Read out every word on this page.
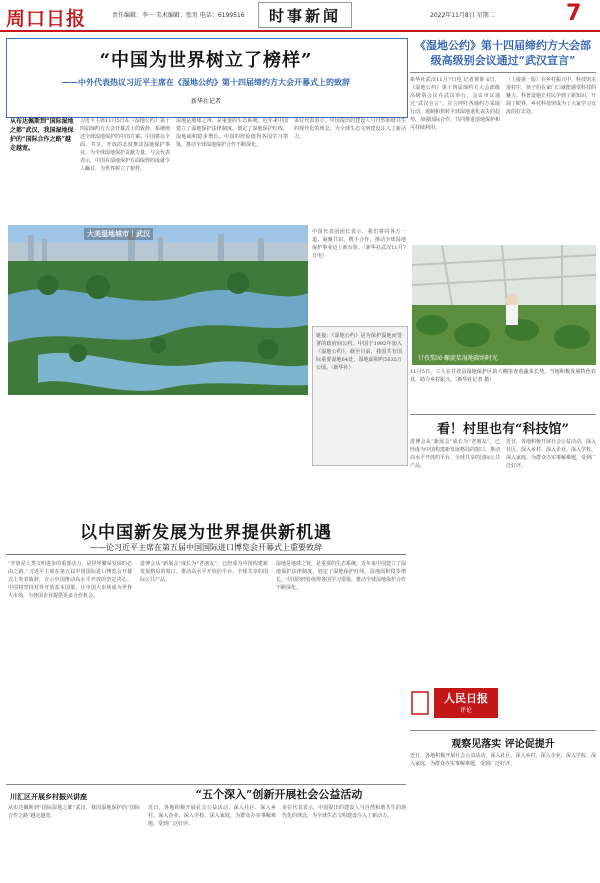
周口日报	责任编辑：李一 美术编辑：张男 电话：6199516	时事新闻	2022年11月8日 星期二	7
“中国为世界树立了榜样”
——中外代表热议习近平主席在《湿地公约》第十四届缔约方大会开幕式上的致辞
新华社记者
从布达佩斯到“国际湿地之都”武汉，我国湿地保护的“国际合作之路”越走越宽。
习近平主席11月5日在《湿地公约》第十四届缔约方大会开幕式上的致辞，系统阐述全球湿地保护的中国方案。中国将以全面、共享、开放的态度推动湿地保护事业，为全球湿地保护贡献力量。与会代表表示，中国在湿地保护方面取得的成就令人瞩目，为世界树立了榜样。
湿地是地球之肾，是重要的生态系统。近年来中国建立了湿地保护法律制度，划定了湿地保护红线，湿地面积稳步增长。中国的经验值得各国学习借鉴，推动全球湿地保护合作不断深化。
多位代表表示，中国提出的建设人与自然和谐共生的现代化的理念，为全球生态文明建设注入了新动力。
大美湿地城市｜武汉	中国代表团团长表示，我们将同各方一道，凝聚共识、携手合作，推动全球湿地保护事业迈上新台阶。（新华社武汉11月7日电）
链接：《湿地公约》是为保护湿地而签署的政府间公约。中国于1992年加入《湿地公约》，截至目前，我国共有国际重要湿地64处，湿地面积约5635万公顷。（新华社）
《湿地公约》第十四届缔约方大会部级高级别会议通过“武汉宣言”
新华社武汉11月7日电 记者黄筱 6日，《湿地公约》第十四届缔约方大会部级高级别会议在武汉举行，会议审议通过“武汉宣言”。宣言呼吁各缔约方采取行动，遏制和扭转全球湿地退化丧失的趋势，加强国际合作，共同推进湿地保护和可持续利用。
（上接第一版）在乡村振兴中，科技馆走进村庄，孩子们在家门口就能感受科技的魅力。科普设施让村民学到了新知识，开阔了眼界，乡村科技馆成为了大家学习交流的好去处。
甘孜梨园·螺旋桨湿地碳纳时光
11月5日，工人在甘孜县湿地保护区的大棚里查看蔬菜长势。当地积极发展特色农业，助力乡村振兴。（新华社记者 摄）
看！村里也有“科技馆”
进博会从“新展会”成长为“老朋友”，已经成为中国构建新发展格局的窗口、推动高水平开放的平台、全球共享的国际公共产品。
近日，各地积极开展社会公益活动，深入社区、深入乡村、深入企业、深入学校、深入家庭，为群众办实事解难题，受到广泛好评。
以中国新发展为世界提供新机遇
——论习近平主席在第五届中国国际进口博览会开幕式上重要致辞
“开放是人类文明进步的重要动力，是世界繁荣发展的必由之路。”习近平主席在第五届中国国际进口博览会开幕式上发表致辞，宣示中国推动高水平开放的坚定决心。中国将坚持对外开放基本国策，让中国大市场成为世界大市场，为各国企业提供更多合作机会。
进博会从“新展会”成长为“老朋友”，已经成为中国构建新发展格局的窗口、推动高水平开放的平台、全球共享的国际公共产品。
湿地是地球之肾，是重要的生态系统。近年来中国建立了湿地保护法律制度，划定了湿地保护红线，湿地面积稳步增长。中国的经验值得各国学习借鉴，推动全球湿地保护合作不断深化。
人民日报
评论
观察见落实 评论促提升
近日，各地积极开展社会公益活动，深入社区、深入乡村、深入企业、深入学校、深入家庭，为群众办实事解难题，受到广泛好评。
川汇区开展乡村振兴讲座	“五个深入”创新开展社会公益活动
从布达佩斯到“国际湿地之都”武汉，我国湿地保护的“国际合作之路”越走越宽。
近日，各地积极开展社会公益活动，深入社区、深入乡村、深入企业、深入学校、深入家庭，为群众办实事解难题，受到广泛好评。
多位代表表示，中国提出的建设人与自然和谐共生的现代化的理念，为全球生态文明建设注入了新动力。
